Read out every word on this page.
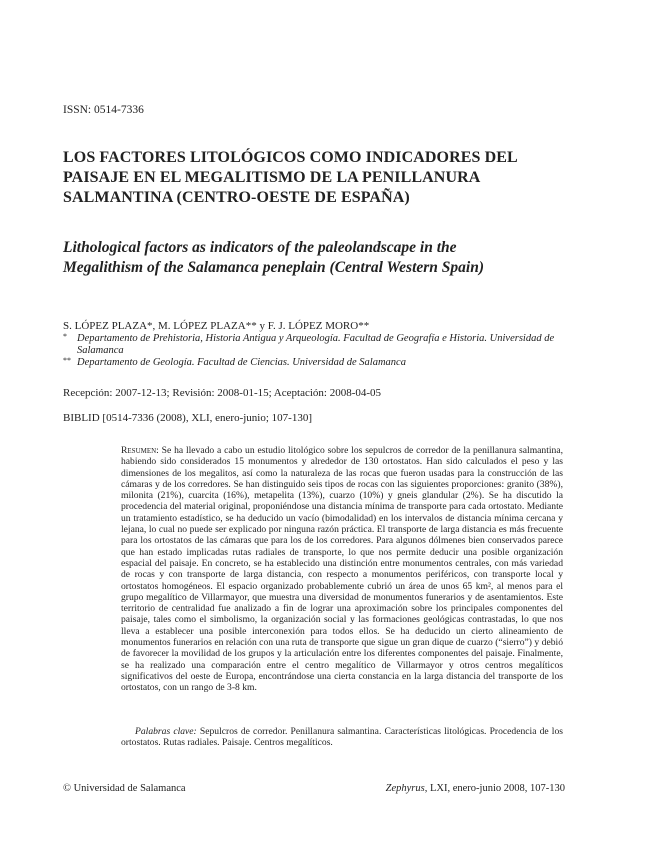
ISSN: 0514-7336
LOS FACTORES LITOLÓGICOS COMO INDICADORES DEL
PAISAJE EN EL MEGALITISMO DE LA PENILLANURA
SALMANTINA (CENTRO-OESTE DE ESPAÑA)
Lithological factors as indicators of the paleolandscape in the
Megalithism of the Salamanca peneplain (Central Western Spain)
S. LÓPEZ PLAZA*, M. LÓPEZ PLAZA** y F. J. LÓPEZ MORO**
* Departamento de Prehistoria, Historia Antigua y Arqueología. Facultad de Geografía e Historia. Universidad de Salamanca
** Departamento de Geología. Facultad de Ciencias. Universidad de Salamanca
Recepción: 2007-12-13; Revisión: 2008-01-15; Aceptación: 2008-04-05
BIBLID [0514-7336 (2008), XLI, enero-junio; 107-130]

Resumen: Se ha llevado a cabo un estudio litológico sobre los sepulcros de corredor de la penillanura salmantina, habiendo sido considerados 15 monumentos y alrededor de 130 ortostatos. Han sido calculados el peso y las dimensiones de los megalitos, así como la naturaleza de las rocas que fueron usadas para la construcción de las cámaras y de los corredores. Se han distinguido seis tipos de rocas con las siguientes proporciones: granito (38%), milonita (21%), cuarcita (16%), metapelita (13%), cuarzo (10%) y gneis glandular (2%). Se ha discutido la procedencia del material original, proponiéndose una distancia mínima de transporte para cada ortostato. Mediante un tratamiento estadístico, se ha deducido un vacío (bimodalidad) en los intervalos de distancia mínima cercana y lejana, lo cual no puede ser explicado por ninguna razón práctica. El transporte de larga distancia es más frecuente para los ortostatos de las cámaras que para los de los corredores. Para algunos dólmenes bien conservados parece que han estado implicadas rutas radiales de transporte, lo que nos permite deducir una posible organización espacial del paisaje. En concreto, se ha establecido una distinción entre monumentos centrales, con más variedad de rocas y con transporte de larga distancia, con respecto a monumentos periféricos, con transporte local y ortostatos homogéneos. El espacio organizado probablemente cubrió un área de unos 65 km², al menos para el grupo megalítico de Villarmayor, que muestra una diversidad de monumentos funerarios y de asentamientos. Este territorio de centralidad fue analizado a fin de lograr una aproximación sobre los principales componentes del paisaje, tales como el simbolismo, la organización social y las formaciones geológicas contrastadas, lo que nos lleva a establecer una posible interconexión para todos ellos. Se ha deducido un cierto alineamiento de monumentos funerarios en relación con una ruta de transporte que sigue un gran dique de cuarzo (“sierro”) y debió de favorecer la movilidad de los grupos y la articulación entre los diferentes componentes del paisaje. Finalmente, se ha realizado una comparación entre el centro megalítico de Villarmayor y otros centros megalíticos significativos del oeste de Europa, encontrándose una cierta constancia en la larga distancia del transporte de los ortostatos, con un rango de 3-8 km.

Palabras clave: Sepulcros de corredor. Penillanura salmantina. Características litológicas. Procedencia de los ortostatos. Rutas radiales. Paisaje. Centros megalíticos.

© Universidad de Salamanca	Zephyrus, LXI, enero-junio 2008, 107-130
